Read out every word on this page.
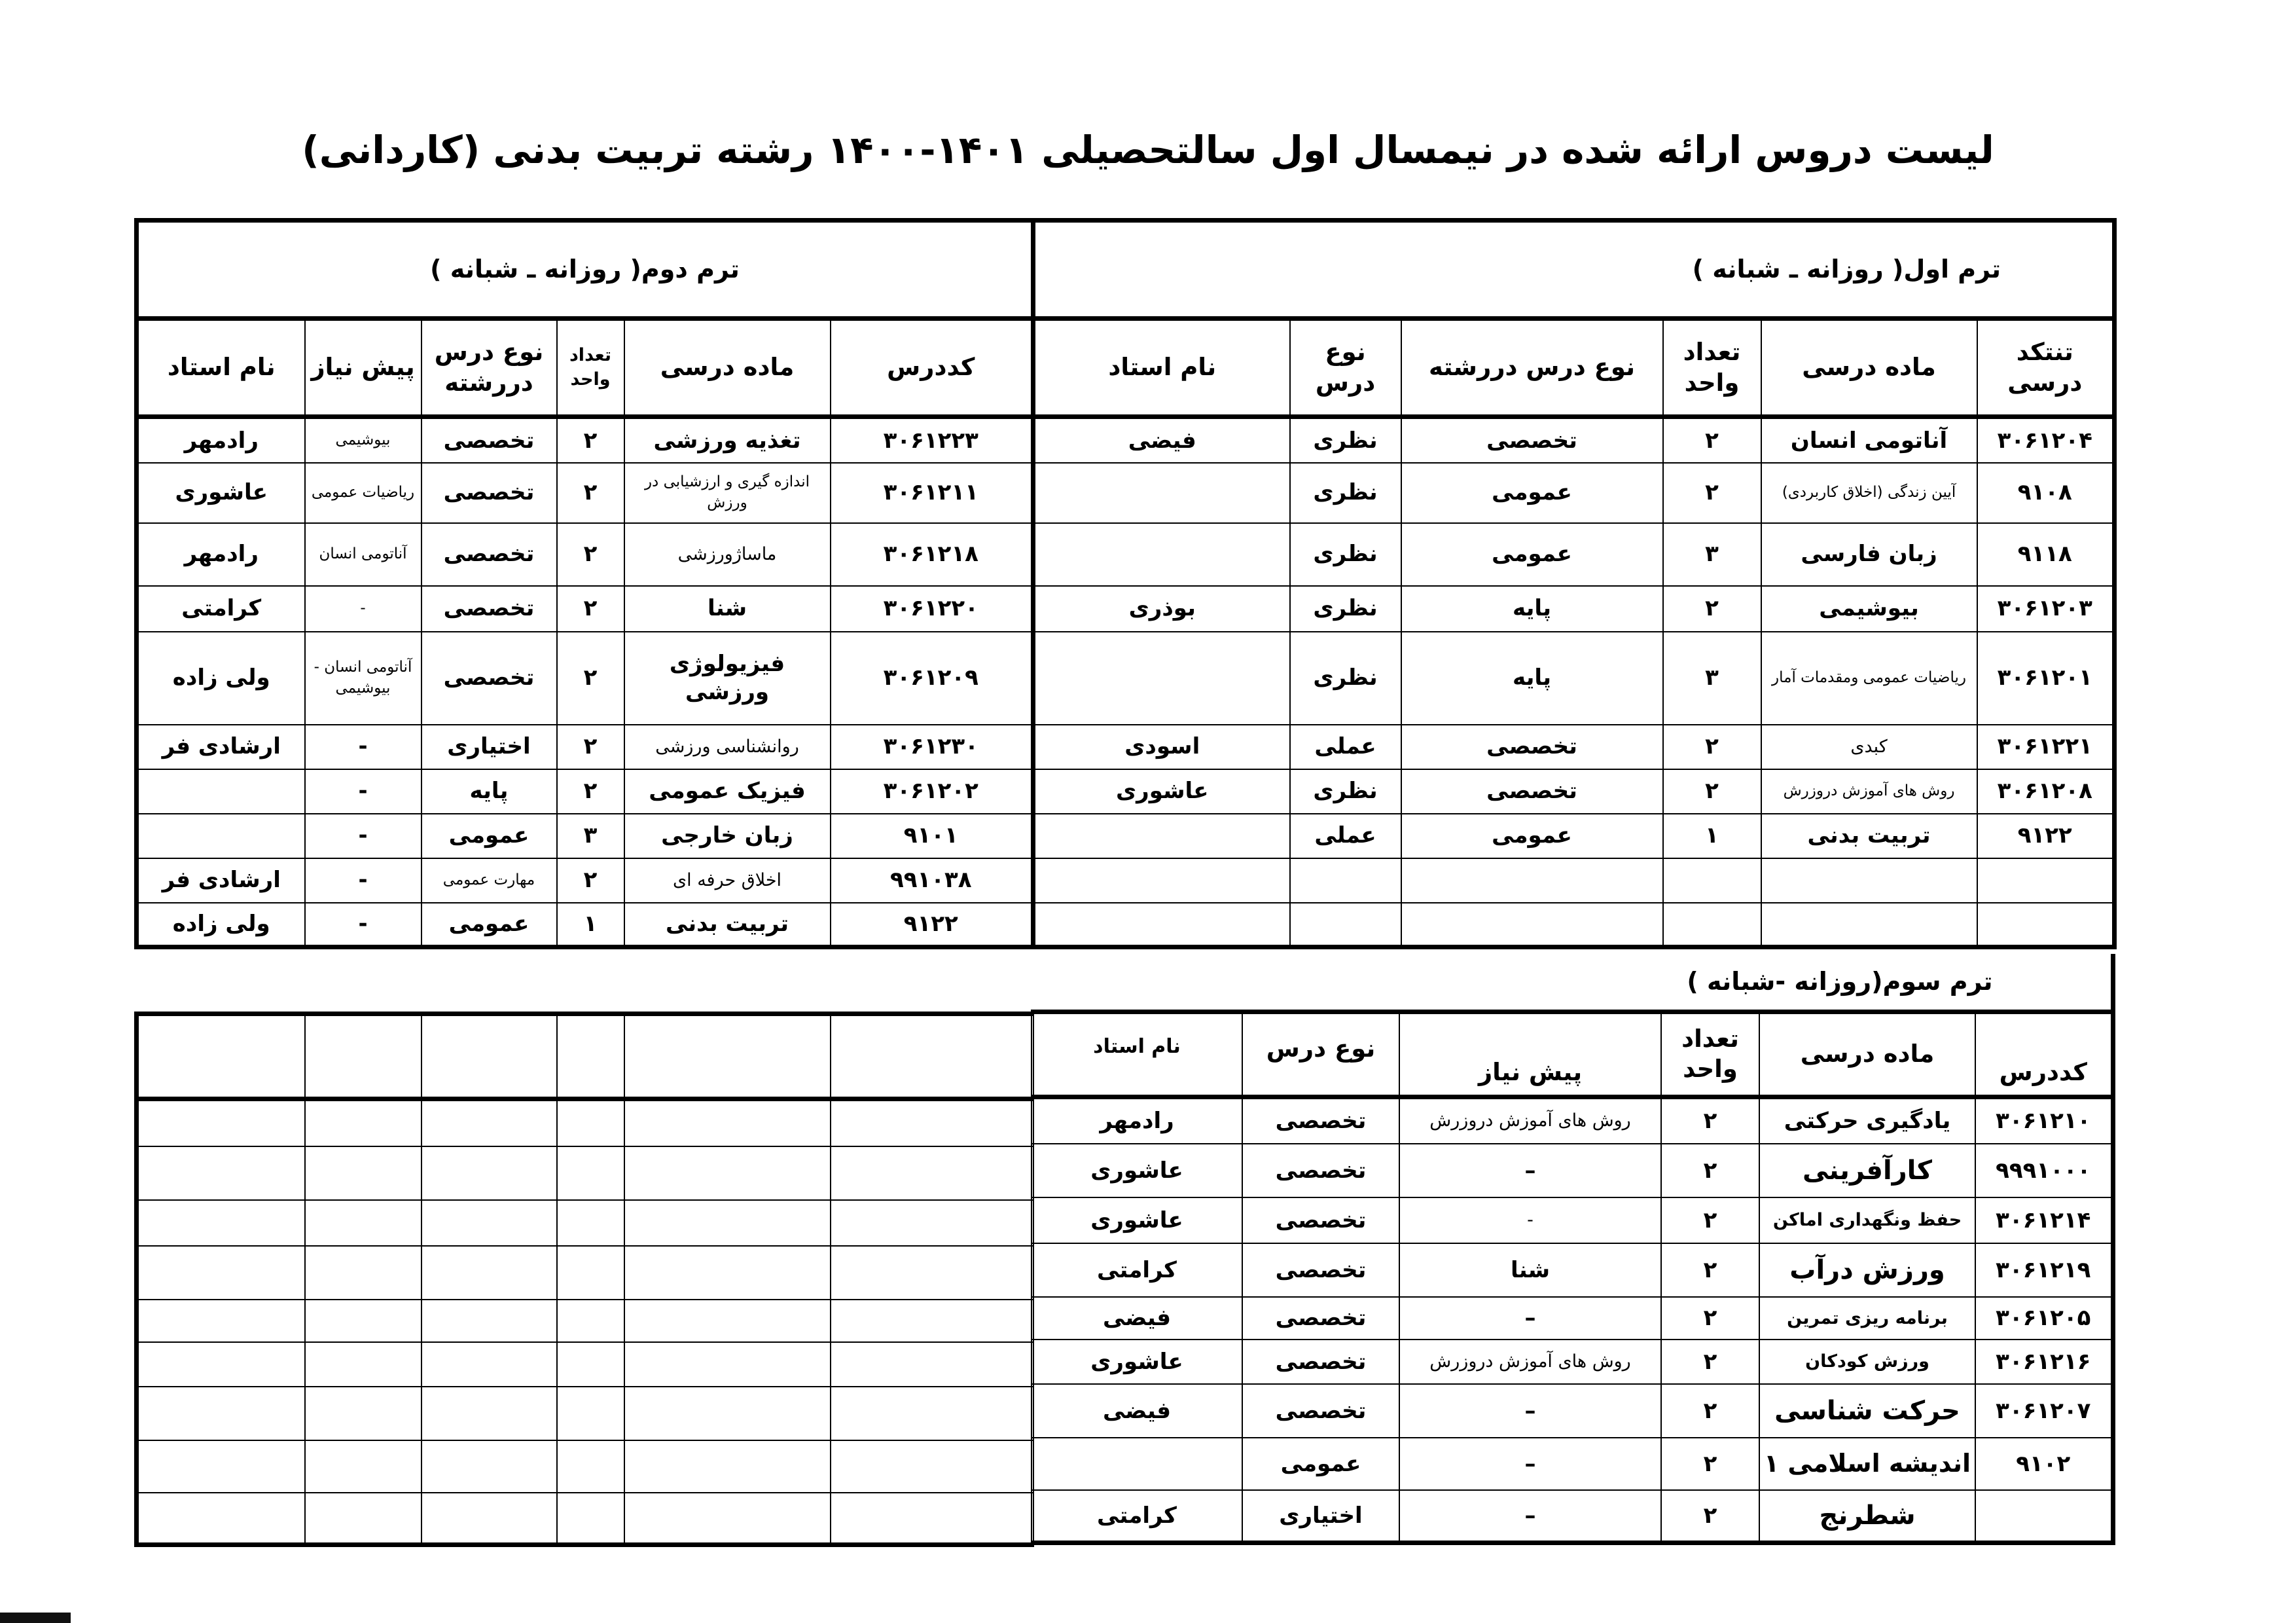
لیست دروس ارائه شده در نیمسال اول سالتحصیلی ۱۴۰۱-۱۴۰۰ رشته تربیت بدنی (کاردانی)
ترم اول( روزانه ـ شبانه )					
تنتکد درسی	ماده درسی	تعداد واحد	نوع درس دررشته	نوع درس	نام استاد
۳۰۶۱۲۰۴	آناتومی انسان	۲	تخصصی	نظری	فیضی
۹۱۰۸	آیین زندگی (اخلاق کاربردی)	۲	عمومی	نظری	
۹۱۱۸	زبان فارسی	۳	عمومی	نظری	
۳۰۶۱۲۰۳	بیوشیمی	۲	پایه	نظری	بوذری
۳۰۶۱۲۰۱	ریاضیات عمومی ومقدمات آمار	۳	پایه	نظری	
۳۰۶۱۲۲۱	کبدی	۲	تخصصی	عملی	اسودی
۳۰۶۱۲۰۸	روش های آموزش دروزرش	۲	تخصصی	نظری	عاشوری
۹۱۲۲	تربیت بدنی	۱	عمومی	عملی	

ترم دوم( روزانه ـ شبانه )					
کددرس	ماده درسی	تعداد واحد	نوع درس دررشته	پیش نیاز	نام استاد
۳۰۶۱۲۲۳	تغذیه ورزشی	۲	تخصصی	بیوشیمی	رادمهر
۳۰۶۱۲۱۱	اندازه گیری و ارزشیابی در ورزش	۲	تخصصی	ریاضیات عمومی	عاشوری
۳۰۶۱۲۱۸	ماساژورزشی	۲	تخصصی	آناتومی انسان	رادمهر
۳۰۶۱۲۲۰	شنا	۲	تخصصی	-	کرامتی
۳۰۶۱۲۰۹	فیزیولوژی ورزشی	۲	تخصصی	آناتومی انسان - بیوشیمی	ولی زاده
۳۰۶۱۲۳۰	روانشناسی ورزشی	۲	اختیاری	-	ارشادی فر
۳۰۶۱۲۰۲	فیزیک عمومی	۲	پایه	-	
۹۱۰۱	زبان خارجی	۳	عمومی	-	
۹۹۱۰۳۸	اخلاق حرفه ای	۲	مهارت عمومی	-	ارشادی فر
۹۱۲۲	تربیت بدنی	۱	عمومی	-	ولی زاده
ترم سوم(روزانه -شبانه )					
کددرس	ماده درسی	تعداد واحد	پیش نیاز	نوع درس	نام استاد
۳۰۶۱۲۱۰	یادگیری حرکتی	۲	روش های آموزش دروزرش	تخصصی	رادمهر
۹۹۹۱۰۰۰	کارآفرینی	۲	–	تخصصی	عاشوری
۳۰۶۱۲۱۴	حفظ ونگهداری اماکن	۲	-	تخصصی	عاشوری
۳۰۶۱۲۱۹	ورزش درآب	۲	شنا	تخصصی	کرامتی
۳۰۶۱۲۰۵	برنامه ریزی تمرین	۲	–	تخصصی	فیضی
۳۰۶۱۲۱۶	ورزش کودکان	۲	روش های آموزش دروزرش	تخصصی	عاشوری
۳۰۶۱۲۰۷	حرکت شناسی	۲	–	تخصصی	فیضی
۹۱۰۲	اندیشه اسلامی ۱	۲	–	عمومی	
	شطرنج	۲	–	اختیاری	کرامتی
